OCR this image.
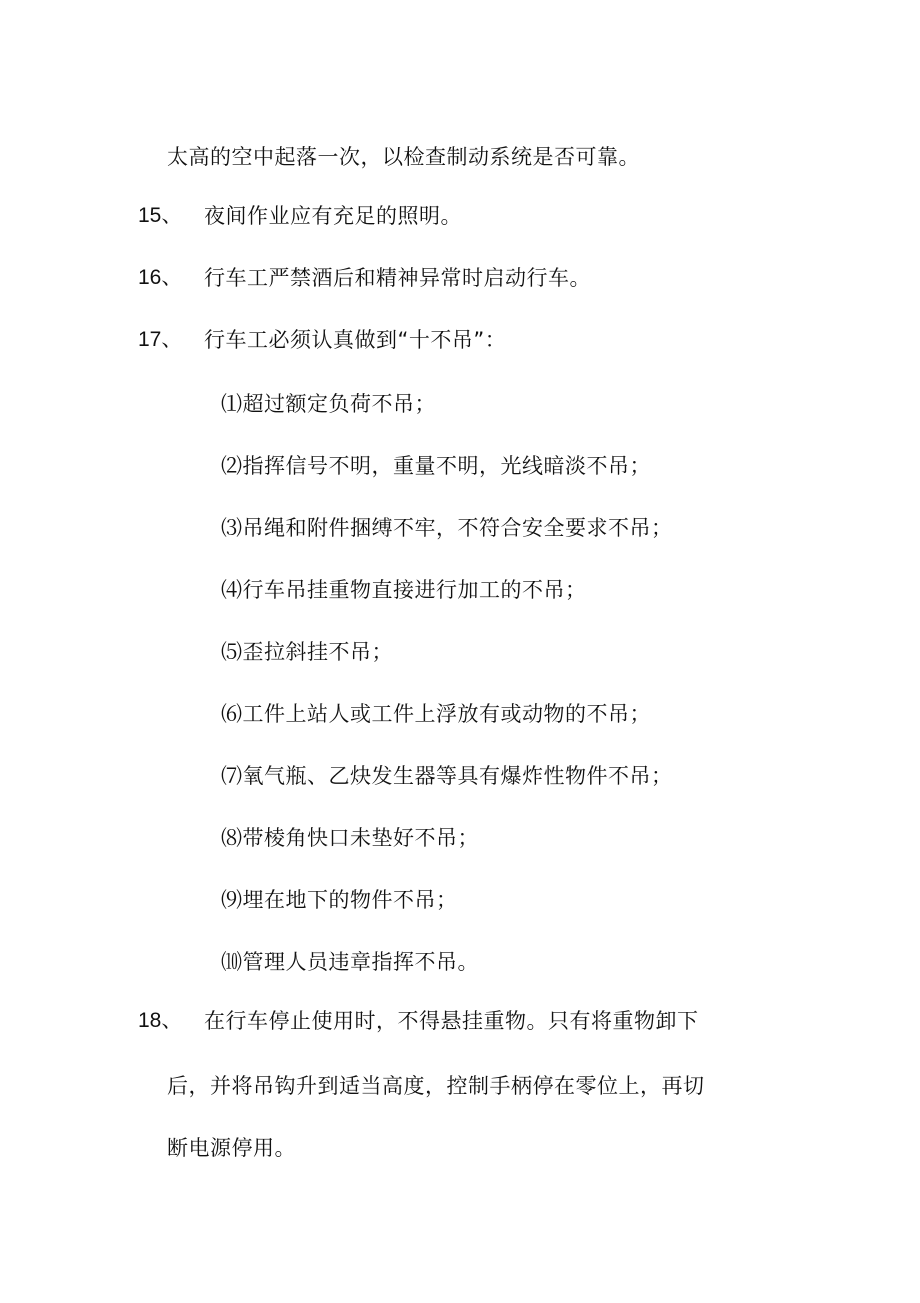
太高的空中起落一次，以检查制动系统是否可靠。
15、 夜间作业应有充足的照明。
16、 行车工严禁酒后和精神异常时启动行车。
17、 行车工必须认真做到“十不吊”：
⑴超过额定负荷不吊；
⑵指挥信号不明，重量不明，光线暗淡不吊；
⑶吊绳和附件捆缚不牢，不符合安全要求不吊；
⑷行车吊挂重物直接进行加工的不吊；
⑸歪拉斜挂不吊；
⑹工件上站人或工件上浮放有或动物的不吊；
⑺氧气瓶、乙炔发生器等具有爆炸性物件不吊；
⑻带棱角快口未垫好不吊；
⑼埋在地下的物件不吊；
⑽管理人员违章指挥不吊。
18、 在行车停止使用时，不得悬挂重物。只有将重物卸下
后，并将吊钩升到适当高度，控制手柄停在零位上，再切
断电源停用。
